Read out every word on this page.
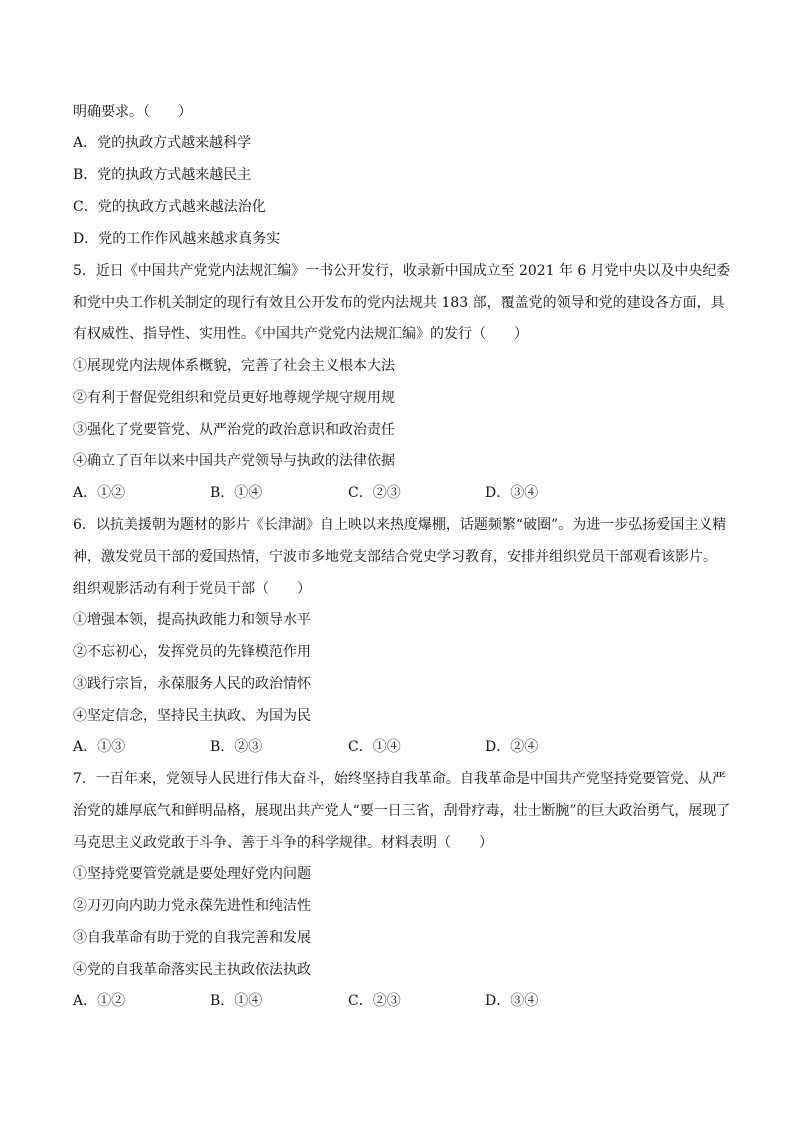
明确要求。（　　）
A．党的执政方式越来越科学
B．党的执政方式越来越民主
C．党的执政方式越来越法治化
D．党的工作作风越来越求真务实
5．近日《中国共产党党内法规汇编》一书公开发行，收录新中国成立至 2021 年 6 月党中央以及中央纪委
和党中央工作机关制定的现行有效且公开发布的党内法规共 183 部，覆盖党的领导和党的建设各方面，具
有权威性、指导性、实用性。《中国共产党党内法规汇编》的发行（　　）
①展现党内法规体系概貌，完善了社会主义根本大法
②有利于督促党组织和党员更好地尊规学规守规用规
③强化了党要管党、从严治党的政治意识和政治责任
④确立了百年以来中国共产党领导与执政的法律依据
A．①②	B．①④	C．②③	D．③④
6．以抗美援朝为题材的影片《长津湖》自上映以来热度爆棚，话题频繁“破圈”。为进一步弘扬爱国主义精
神，激发党员干部的爱国热情，宁波市多地党支部结合党史学习教育，安排并组织党员干部观看该影片。
组织观影活动有利于党员干部（　　）
①增强本领，提高执政能力和领导水平
②不忘初心，发挥党员的先锋模范作用
③践行宗旨，永葆服务人民的政治情怀
④坚定信念，坚持民主执政、为国为民
A．①③	B．②③	C．①④	D．②④
7．一百年来，党领导人民进行伟大奋斗，始终坚持自我革命。自我革命是中国共产党坚持党要管党、从严
治党的雄厚底气和鲜明品格，展现出共产党人“要一日三省，刮骨疗毒，壮士断腕”的巨大政治勇气，展现了
马克思主义政党敢于斗争、善于斗争的科学规律。材料表明（　　）
①坚持党要管党就是要处理好党内问题
②刀刃向内助力党永葆先进性和纯洁性
③自我革命有助于党的自我完善和发展
④党的自我革命落实民主执政依法执政
A．①②	B．①④	C．②③	D．③④
